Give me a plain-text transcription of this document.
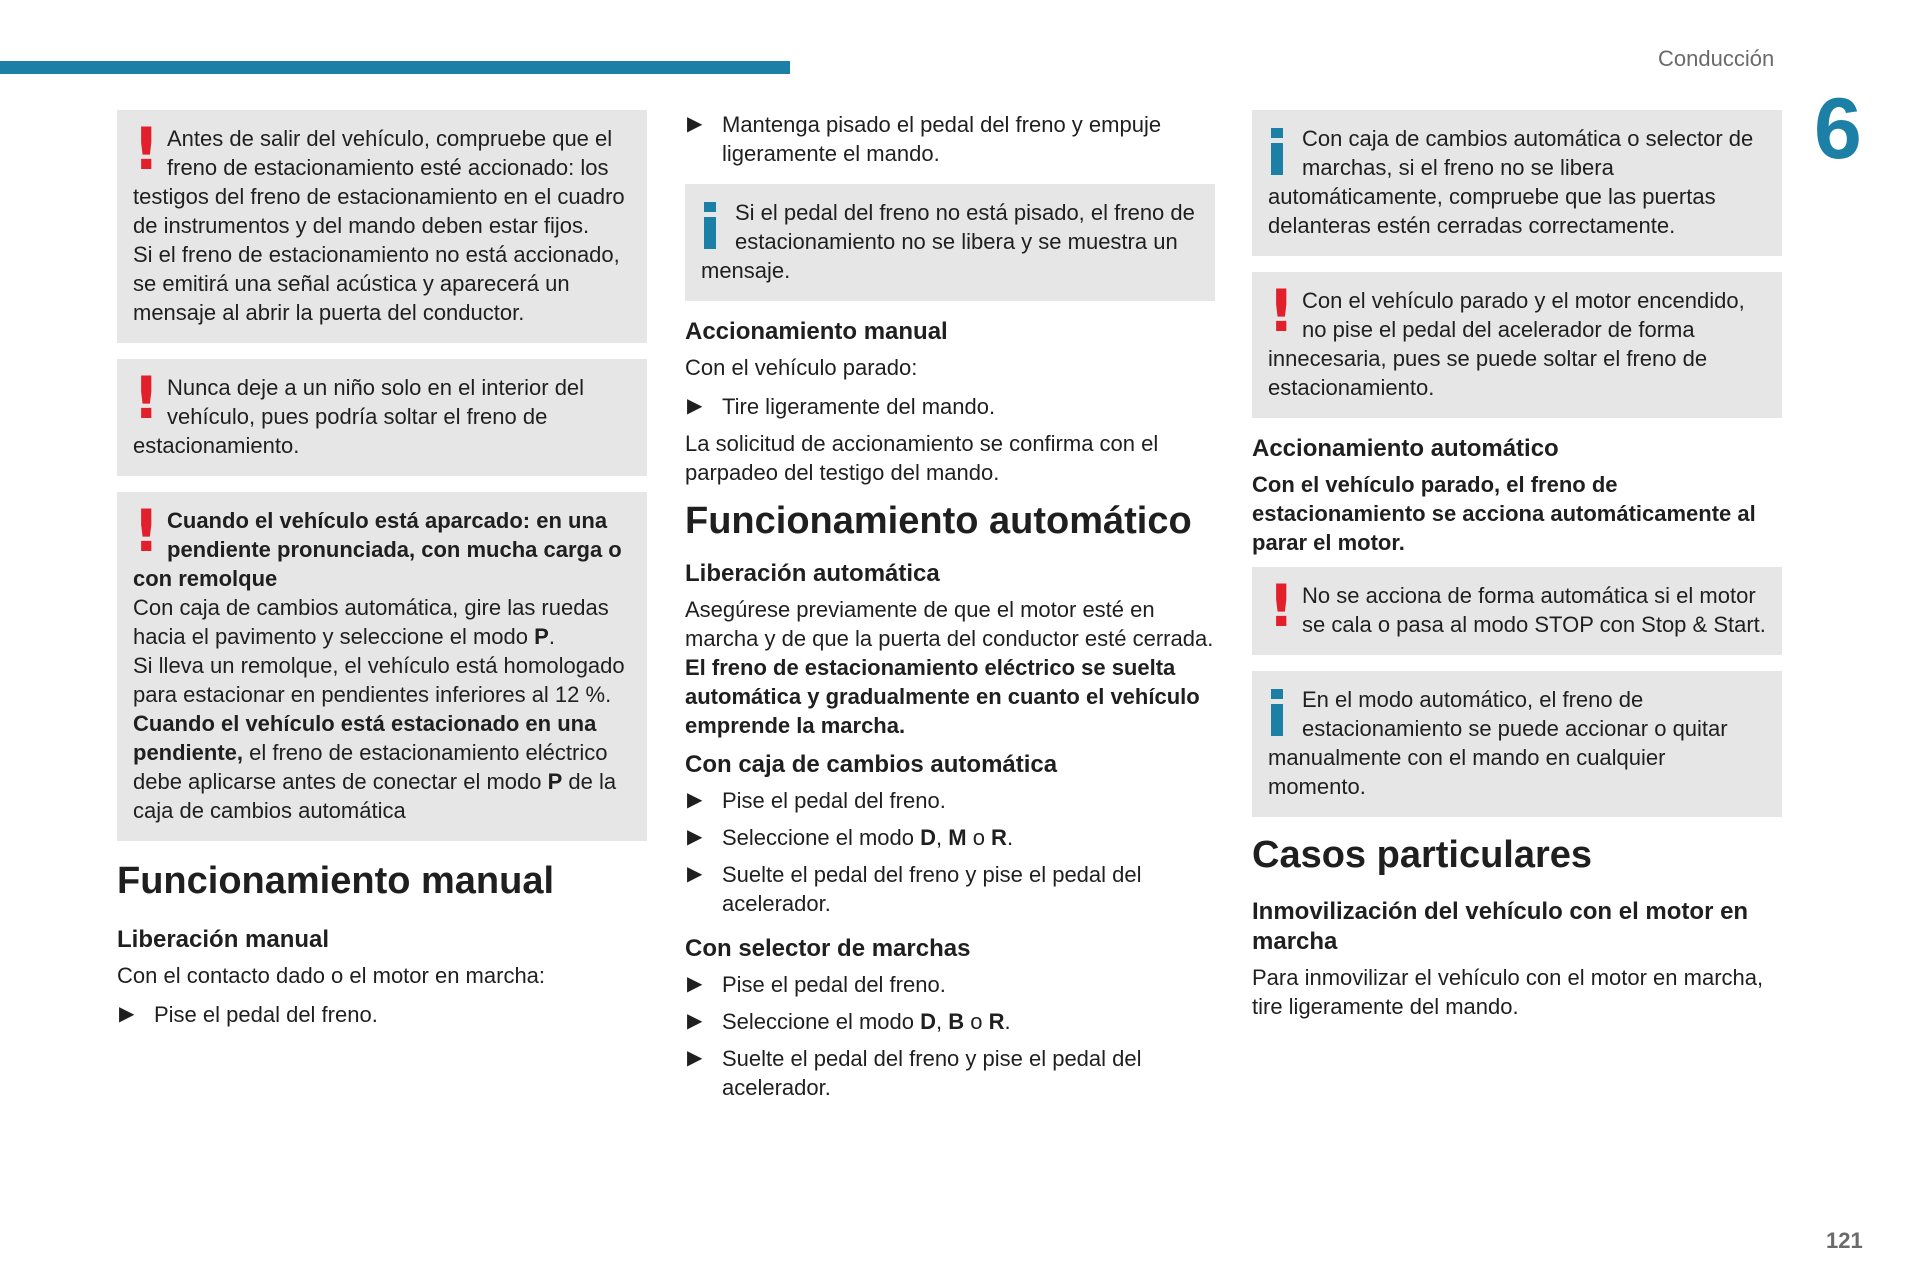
Conducción
6
! Antes de salir del vehículo, compruebe que el freno de estacionamiento esté accionado: los testigos del freno de estacionamiento en el cuadro de instrumentos y del mando deben estar fijos.
Si el freno de estacionamiento no está accionado, se emitirá una señal acústica y aparecerá un mensaje al abrir la puerta del conductor.
! Nunca deje a un niño solo en el interior del vehículo, pues podría soltar el freno de estacionamiento.
! Cuando el vehículo está aparcado: en una pendiente pronunciada, con mucha carga o con remolque
Con caja de cambios automática, gire las ruedas hacia el pavimento y seleccione el modo P.
Si lleva un remolque, el vehículo está homologado para estacionar en pendientes inferiores al 12 %.
Cuando el vehículo está estacionado en una pendiente, el freno de estacionamiento eléctrico debe aplicarse antes de conectar el modo P de la caja de cambios automática
Funcionamiento manual
Liberación manual

Con el contacto dado o el motor en marcha:

▶ Pise el pedal del freno.
▶ Mantenga pisado el pedal del freno y empuje ligeramente el mando.
Si el pedal del freno no está pisado, el freno de estacionamiento no se libera y se muestra un mensaje.
Accionamiento manual

Con el vehículo parado:

▶ Tire ligeramente del mando.

La solicitud de accionamiento se confirma con el parpadeo del testigo del mando.

Funcionamiento automático
Liberación automática

Asegúrese previamente de que el motor esté en marcha y de que la puerta del conductor esté cerrada.

El freno de estacionamiento eléctrico se suelta automática y gradualmente en cuanto el vehículo emprende la marcha.

Con caja de cambios automática
▶ Pise el pedal del freno.
▶ Seleccione el modo D, M o R.
▶ Suelte el pedal del freno y pise el pedal del acelerador.
Con selector de marchas
▶ Pise el pedal del freno.
▶ Seleccione el modo D, B o R.
▶ Suelte el pedal del freno y pise el pedal del acelerador.
Con caja de cambios automática o selector de marchas, si el freno no se libera automáticamente, compruebe que las puertas delanteras estén cerradas correctamente.
! Con el vehículo parado y el motor encendido, no pise el pedal del acelerador de forma innecesaria, pues se puede soltar el freno de estacionamiento.
Accionamiento automático

Con el vehículo parado, el freno de estacionamiento se acciona automáticamente al parar el motor.

! No se acciona de forma automática si el motor se cala o pasa al modo STOP con Stop & Start.
En el modo automático, el freno de estacionamiento se puede accionar o quitar manualmente con el mando en cualquier momento.
Casos particulares
Inmovilización del vehículo con el motor en marcha

Para inmovilizar el vehículo con el motor en marcha, tire ligeramente del mando.

121
